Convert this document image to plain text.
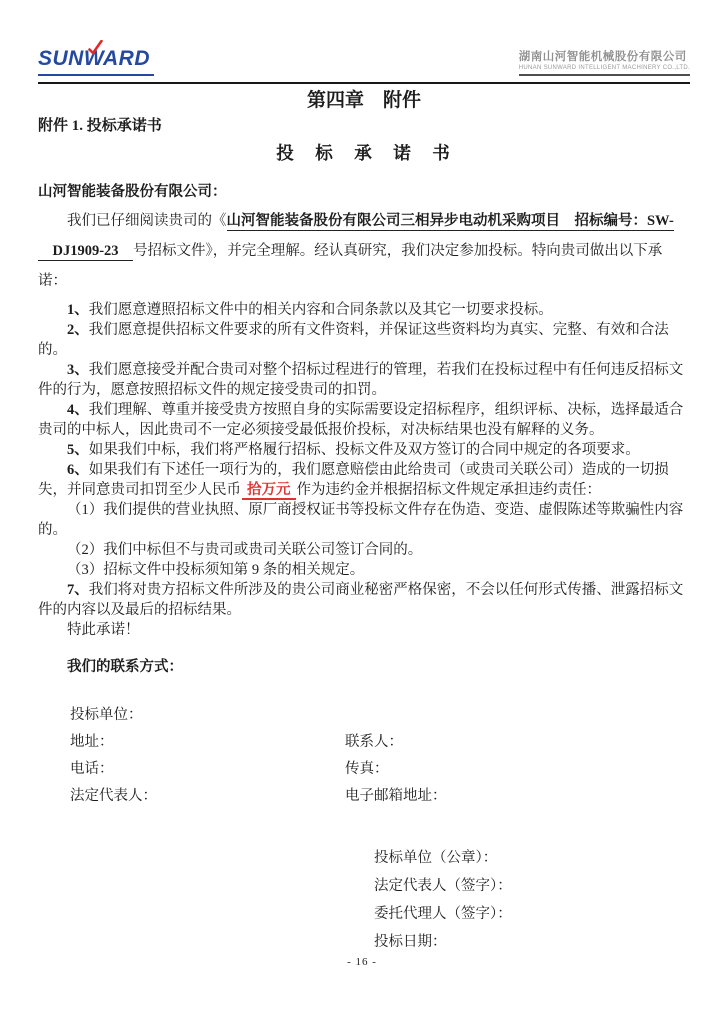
SUNWARD	湖南山河智能机械股份有限公司
HUNAN SUNWARD INTELLIGENT MACHINERY CO.,LTD.
第四章　附件
附件 1. 投标承诺书
投　标　承　诺　书

山河智能装备股份有限公司：

我们已仔细阅读贵司的《山河智能装备股份有限公司三相异步电动机采购项目　招标编号：SW-
　DJ1909-23　号招标文件》，并完全理解。经认真研究，我们决定参加投标。特向贵司做出以下承诺：

1、我们愿意遵照招标文件中的相关内容和合同条款以及其它一切要求投标。

2、我们愿意提供招标文件要求的所有文件资料，并保证这些资料均为真实、完整、有效和合法的。

3、我们愿意接受并配合贵司对整个招标过程进行的管理，若我们在投标过程中有任何违反招标文件的行为，愿意按照招标文件的规定接受贵司的扣罚。

4、我们理解、尊重并接受贵方按照自身的实际需要设定招标程序，组织评标、决标，选择最适合贵司的中标人，因此贵司不一定必须接受最低报价投标，对决标结果也没有解释的义务。

5、如果我们中标，我们将严格履行招标、投标文件及双方签订的合同中规定的各项要求。

6、如果我们有下述任一项行为的，我们愿意赔偿由此给贵司（或贵司关联公司）造成的一切损失，并同意贵司扣罚至少人民币 拾万元 作为违约金并根据招标文件规定承担违约责任：

（1）我们提供的营业执照、原厂商授权证书等投标文件存在伪造、变造、虚假陈述等欺骗性内容的。

（2）我们中标但不与贵司或贵司关联公司签订合同的。

（3）招标文件中投标须知第 9 条的相关规定。

7、我们将对贵方招标文件所涉及的贵公司商业秘密严格保密，不会以任何形式传播、泄露招标文件的内容以及最后的招标结果。

特此承诺！

我们的联系方式：

投标单位：
地址：	联系人：
电话：	传真：
法定代表人：	电子邮箱地址：
投标单位（公章）：
法定代表人（签字）：
委托代理人（签字）：
投标日期：
- 16 -
